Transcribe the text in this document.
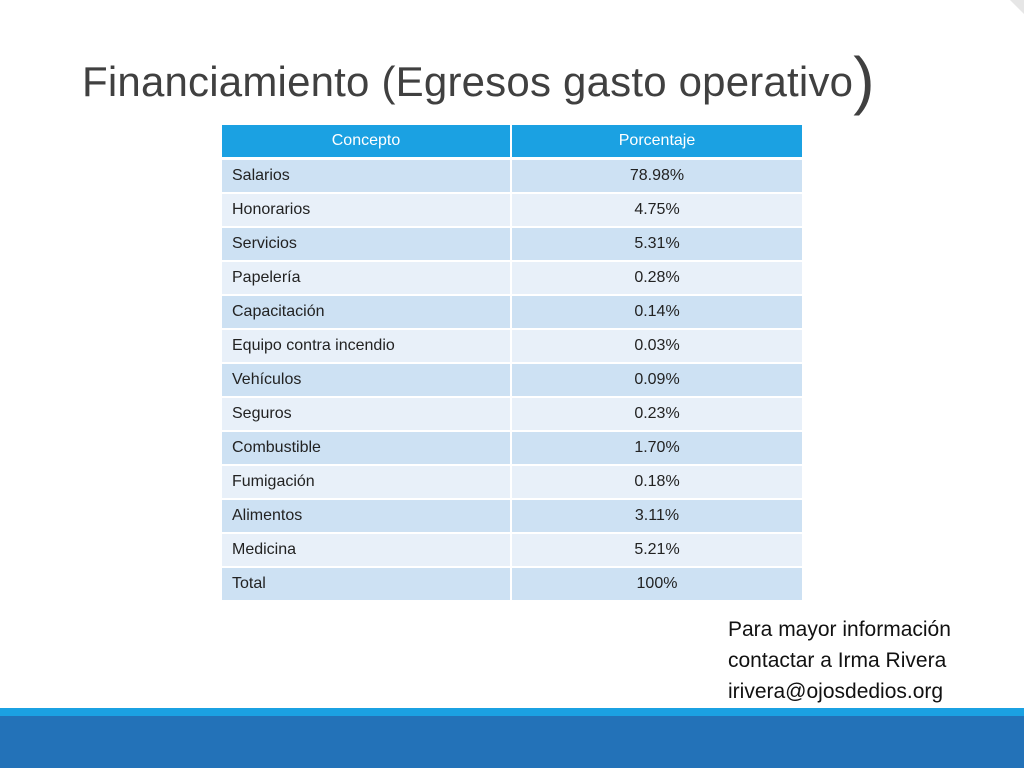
Financiamiento (Egresos gasto operativo)
Concepto	Porcentaje
Salarios	78.98%
Honorarios	4.75%
Servicios	5.31%
Papelería	0.28%
Capacitación	0.14%
Equipo contra incendio	0.03%
Vehículos	0.09%
Seguros	0.23%
Combustible	1.70%
Fumigación	0.18%
Alimentos	3.11%
Medicina	5.21%
Total	100%
Para mayor información
contactar a Irma Rivera
irivera@ojosdedios.org
